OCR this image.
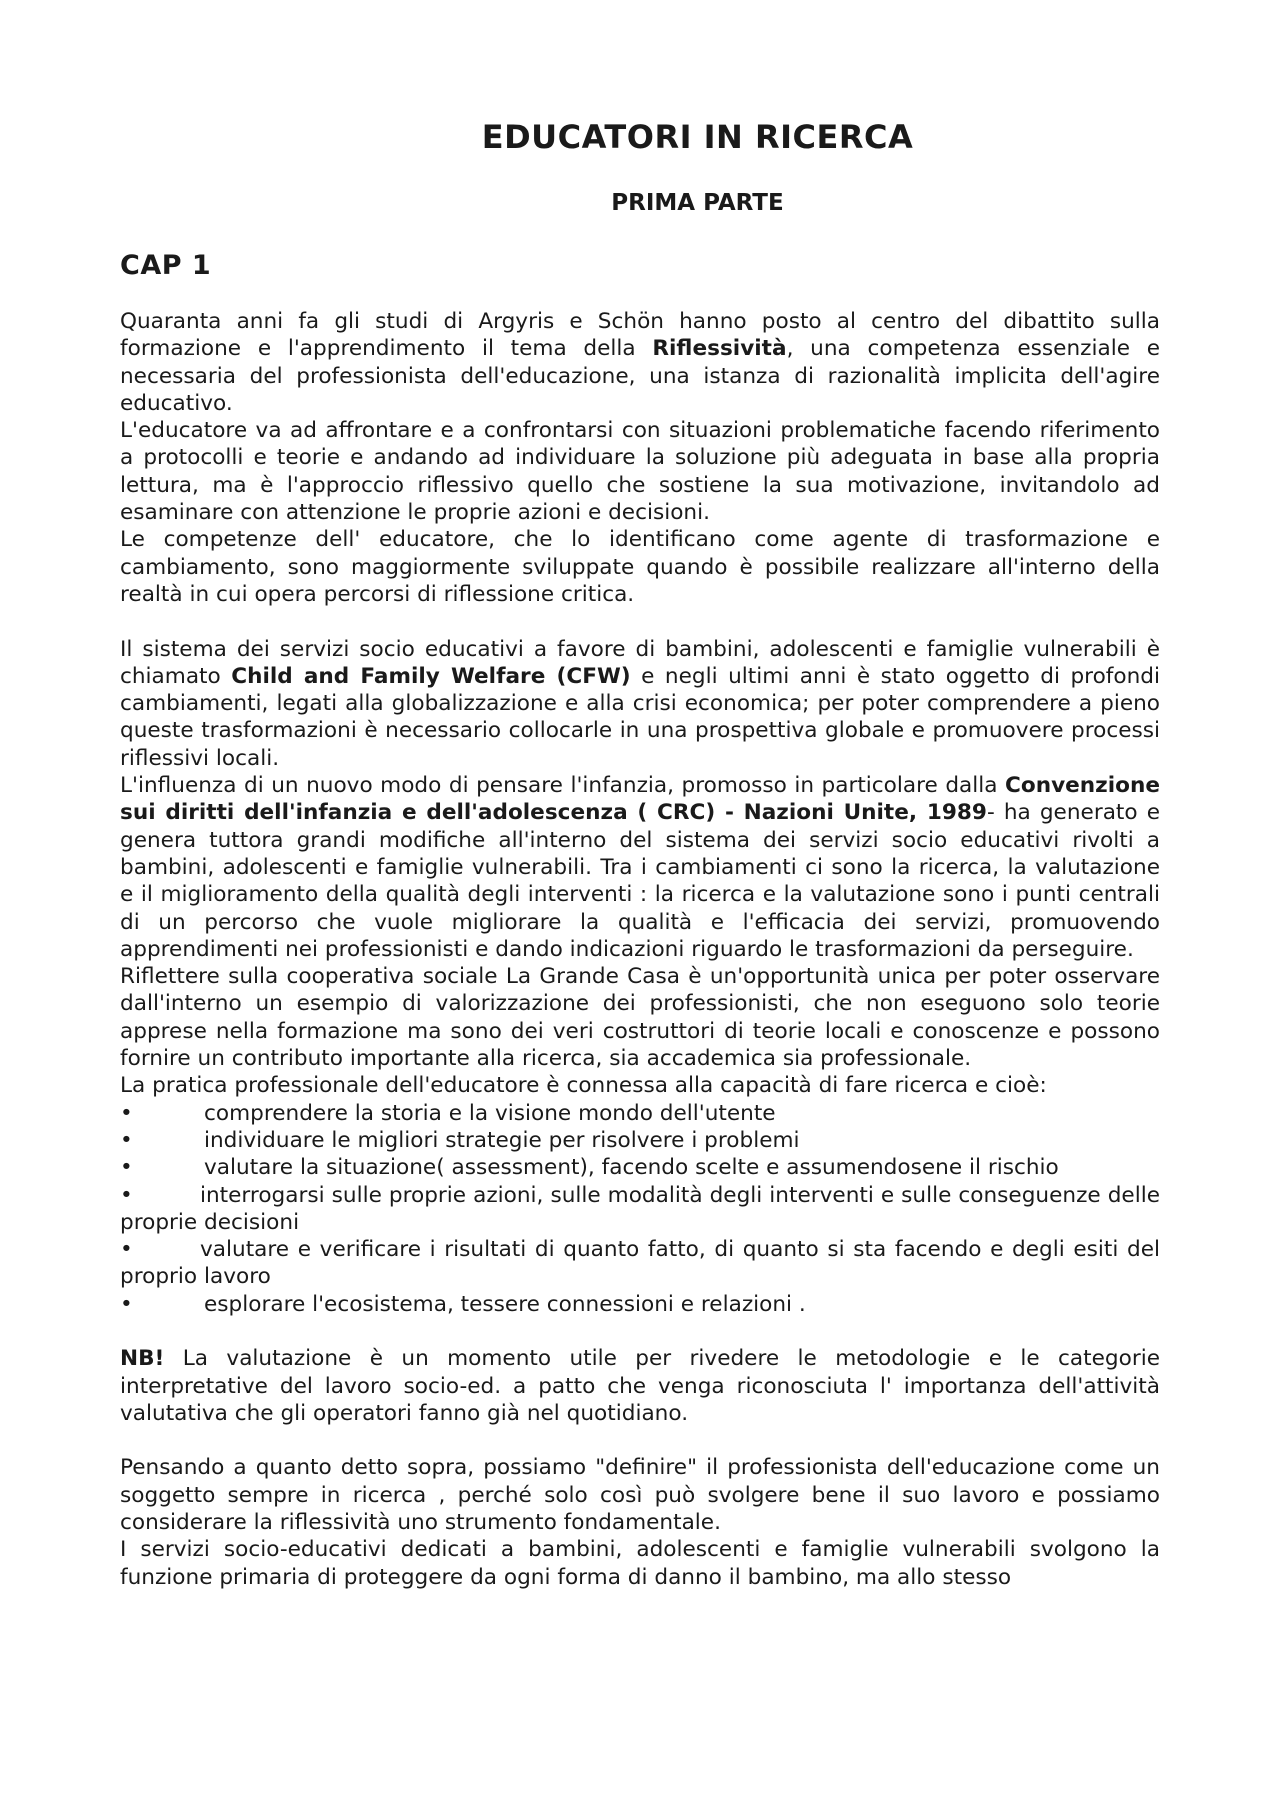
EDUCATORI IN RICERCA
PRIMA PARTE
CAP 1

Quaranta anni fa gli studi di Argyris e Schön hanno posto al centro del dibattito sulla formazione e l'apprendimento il tema della Riflessività, una competenza essenziale e necessaria del professionista dell'educazione, una istanza di razionalità implicita dell'agire educativo.

L'educatore va ad affrontare e a confrontarsi con situazioni problematiche facendo riferimento a protocolli e teorie e andando ad individuare la soluzione più adeguata in base alla propria lettura, ma è l'approccio riflessivo quello che sostiene la sua motivazione, invitandolo ad esaminare con attenzione le proprie azioni e decisioni.

Le competenze dell' educatore, che lo identificano come agente di trasformazione e cambiamento, sono maggiormente sviluppate quando è possibile realizzare all'interno della realtà in cui opera percorsi di riflessione critica.

Il sistema dei servizi socio educativi a favore di bambini, adolescenti e famiglie vulnerabili è chiamato Child and Family Welfare (CFW) e negli ultimi anni è stato oggetto di profondi cambiamenti, legati alla globalizzazione e alla crisi economica; per poter comprendere a pieno queste trasformazioni è necessario collocarle in una prospettiva globale e promuovere processi riflessivi locali.

L'influenza di un nuovo modo di pensare l'infanzia, promosso in particolare dalla Convenzione sui diritti dell'infanzia e dell'adolescenza ( CRC) - Nazioni Unite, 1989- ha generato e genera tuttora grandi modifiche all'interno del sistema dei servizi socio educativi rivolti a bambini, adolescenti e famiglie vulnerabili. Tra i cambiamenti ci sono la ricerca, la valutazione e il miglioramento della qualità degli interventi : la ricerca e la valutazione sono i punti centrali di un percorso che vuole migliorare la qualità e l'efficacia dei servizi, promuovendo apprendimenti nei professionisti e dando indicazioni riguardo le trasformazioni da perseguire.

Riflettere sulla cooperativa sociale La Grande Casa è un'opportunità unica per poter osservare dall'interno un esempio di valorizzazione dei professionisti, che non eseguono solo teorie apprese nella formazione ma sono dei veri costruttori di teorie locali e conoscenze e possono fornire un contributo importante alla ricerca, sia accademica sia professionale.

La pratica professionale dell'educatore è connessa alla capacità di fare ricerca e cioè:

•	comprendere la storia e la visione mondo dell'utente
•	individuare le migliori strategie per risolvere i problemi
•	valutare la situazione( assessment), facendo scelte e assumendosene il rischio

•	interrogarsi sulle proprie azioni, sulle modalità degli interventi e sulle conseguenze delle proprie decisioni

•	valutare e verificare i risultati di quanto fatto, di quanto si sta facendo e degli esiti del proprio lavoro

•	esplorare l'ecosistema, tessere connessioni e relazioni .

NB! La valutazione è un momento utile per rivedere le metodologie e le categorie interpretative del lavoro socio-ed. a patto che venga riconosciuta l' importanza dell'attività valutativa che gli operatori fanno già nel quotidiano.

Pensando a quanto detto sopra, possiamo "definire" il professionista dell'educazione come un soggetto sempre in ricerca , perché solo così può svolgere bene il suo lavoro e possiamo considerare la riflessività uno strumento fondamentale.

I servizi socio-educativi dedicati a bambini, adolescenti e famiglie vulnerabili svolgono la funzione primaria di proteggere da ogni forma di danno il bambino, ma allo stesso
